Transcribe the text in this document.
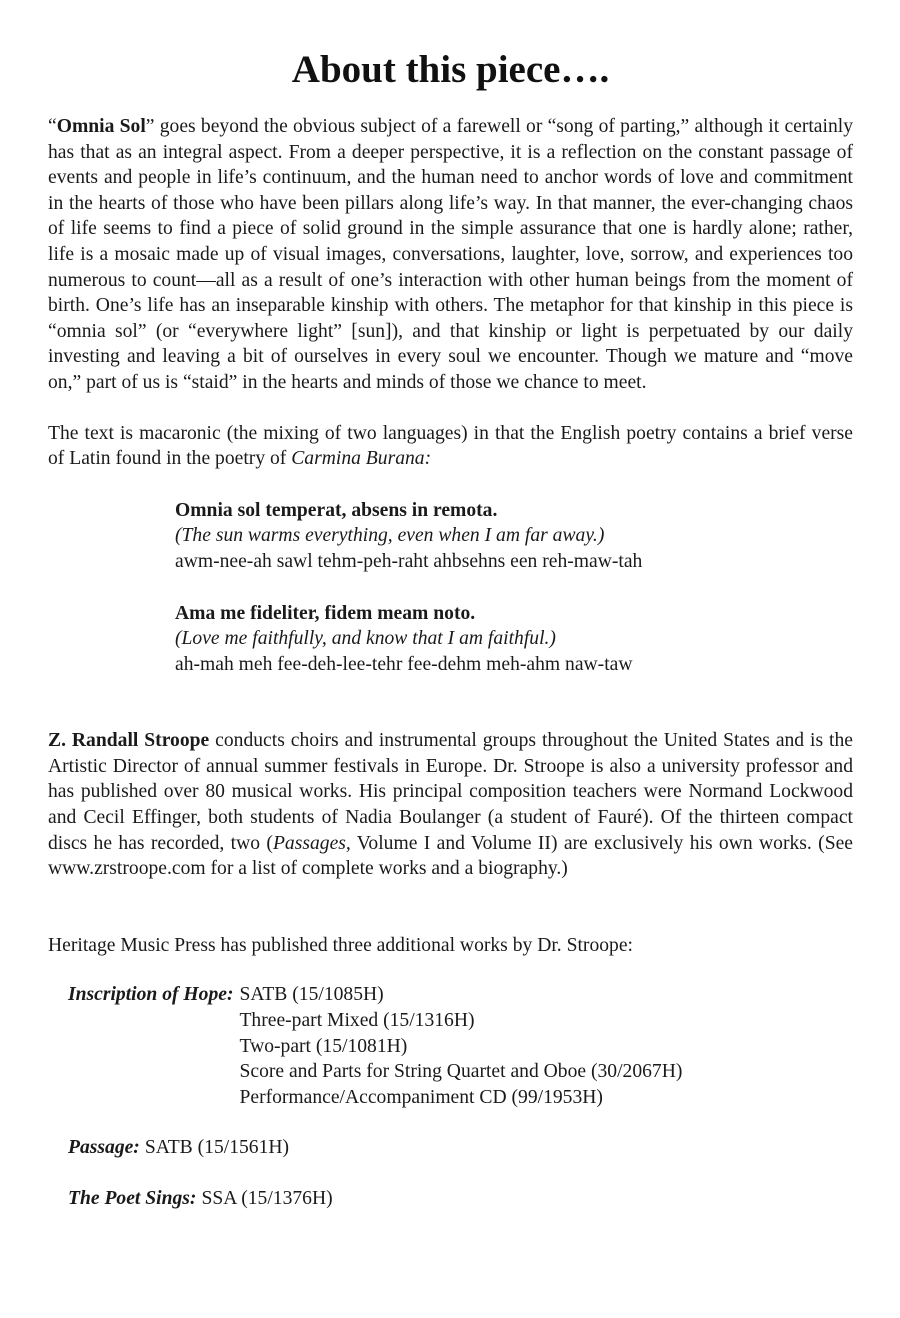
About this piece….

“Omnia Sol” goes beyond the obvious subject of a farewell or “song of parting,” although it certainly has that as an integral aspect. From a deeper perspective, it is a reflection on the constant passage of events and people in life’s continuum, and the human need to anchor words of love and commitment in the hearts of those who have been pillars along life’s way. In that manner, the ever-changing chaos of life seems to find a piece of solid ground in the simple assurance that one is hardly alone; rather, life is a mosaic made up of visual images, conversations, laughter, love, sorrow, and experiences too numerous to count—all as a result of one’s interaction with other human beings from the moment of birth. One’s life has an inseparable kinship with others. The metaphor for that kinship in this piece is “omnia sol” (or “everywhere light” [sun]), and that kinship or light is perpetuated by our daily investing and leaving a bit of ourselves in every soul we encounter. Though we mature and “move on,” part of us is “staid” in the hearts and minds of those we chance to meet.

The text is macaronic (the mixing of two languages) in that the English poetry contains a brief verse of Latin found in the poetry of Carmina Burana:

Omnia sol temperat, absens in remota.
(The sun warms everything, even when I am far away.)
awm-nee-ah sawl tehm-peh-raht ahbsehns een reh-maw-tah
Ama me fideliter, fidem meam noto.
(Love me faithfully, and know that I am faithful.)
ah-mah meh fee-deh-lee-tehr fee-dehm meh-ahm naw-taw

Z. Randall Stroope conducts choirs and instrumental groups throughout the United States and is the Artistic Director of annual summer festivals in Europe. Dr. Stroope is also a university professor and has published over 80 musical works. His principal composition teachers were Normand Lockwood and Cecil Effinger, both students of Nadia Boulanger (a student of Fauré). Of the thirteen compact discs he has recorded, two (Passages, Volume I and Volume II) are exclusively his own works. (See www.zrstroope.com for a list of complete works and a biography.)

Heritage Music Press has published three additional works by Dr. Stroope:

Inscription of Hope: SATB (15/1085H)
Three-part Mixed (15/1316H)
Two-part (15/1081H)
Score and Parts for String Quartet and Oboe (30/2067H)
Performance/Accompaniment CD (99/1953H)
Passage: SATB (15/1561H)
The Poet Sings: SSA (15/1376H)
